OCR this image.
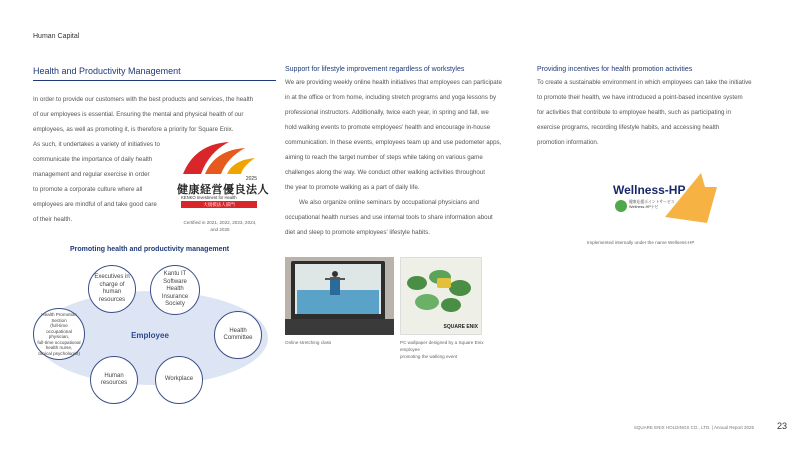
Human Capital
Health and Productivity Management
In order to provide our customers with the best products and services, the health
of our employees is essential. Ensuring the mental and physical health of our
employees, as well as promoting it, is therefore a priority for Square Enix.
As such, it undertakes a variety of initiatives to
communicate the importance of daily health
management and regular exercise in order
to promote a corporate culture where all
employees are mindful of and take good care
of their health.
2025
健康経営優良法人
KENKO Investment for Health
大規模法人部門
Certified in 2021, 2022, 2023, 2024,
and 2025
Promoting health and productivity management
Employee
Executives in
charge of human
resources
Kantu IT
Software Health
Insurance
Society
Health Promotion
Section
(full-time occupational
physician,
full-time occupational
health nurse,
clinical psychologist)
Health
Committee
Human
resources
Workplace
Support for lifestyle improvement regardless of workstyles
We are providing weekly online health initiatives that employees can participate
in at the office or from home, including stretch programs and yoga lessons by
professional instructors. Additionally, twice each year, in spring and fall, we
hold walking events to promote employees' health and encourage in-house
communication. In these events, employees team up and use pedometer apps,
aiming to reach the target number of steps while taking on various game
challenges along the way. We conduct other walking activities throughout
the year to promote walking as a part of daily life.
We also organize online seminars by occupational physicians and
occupational health nurses and use internal tools to share information about
diet and sleep to promote employees' lifestyle habits.
Online stretching class
SQUARE ENIX
PC wallpaper designed by a Square Enix employee
promoting the walking event
Providing incentives for health promotion activities
To create a sustainable environment in which employees can take the initiative
to promote their health, we have introduced a point-based incentive system
for activities that contribute to employee health, such as participating in
exercise programs, recording lifestyle habits, and accessing health
promotion information.
Wellness-HP
健康応援ポイントサービス
Wellness-HPナビ
Implemented internally under the name Wellness-HP
SQUARE ENIX HOLDINGS CO., LTD. | Annual Report 2025	23
